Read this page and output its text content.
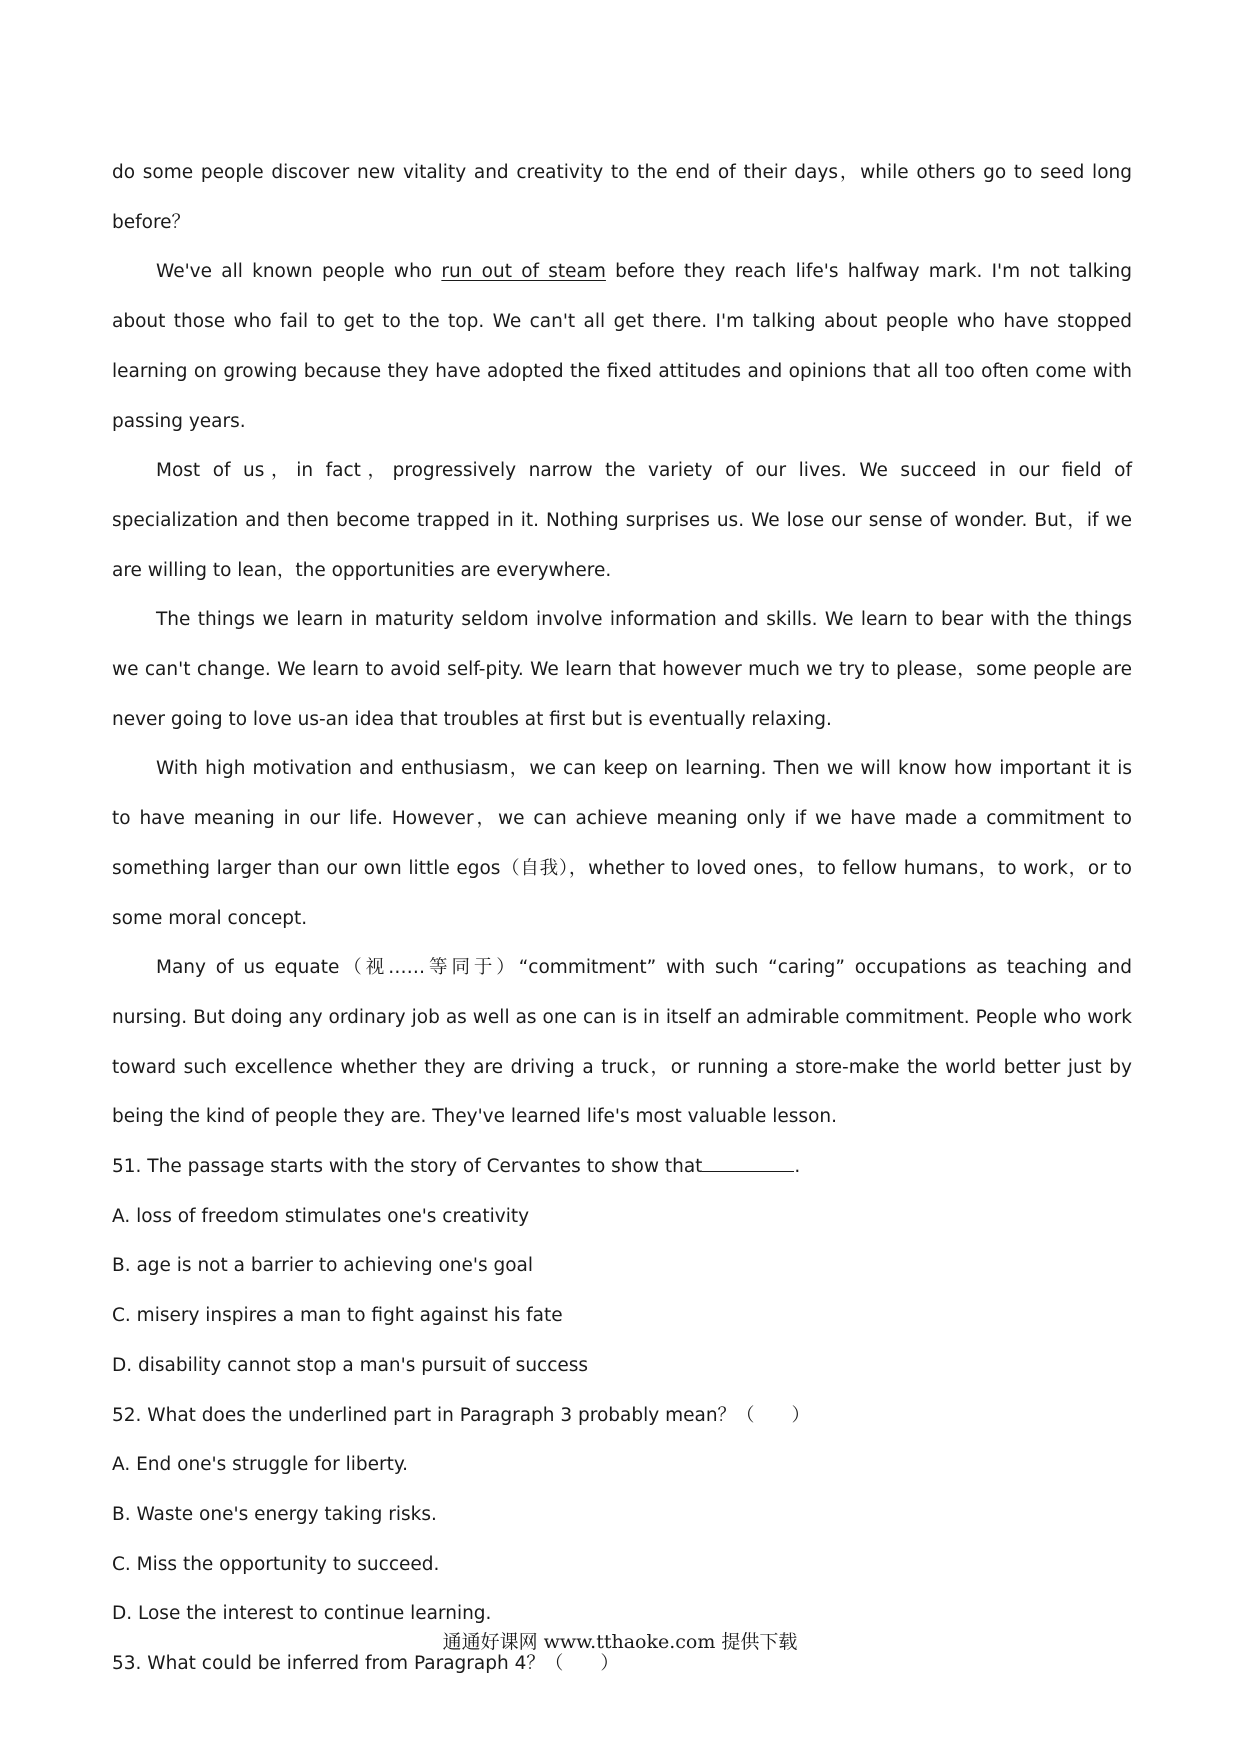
do some people discover new vitality and creativity to the end of their days，while others go to seed long before？

We've all known people who run out of steam before they reach life's halfway mark. I'm not talking about those who fail to get to the top. We can't all get there. I'm talking about people who have stopped learning on growing because they have adopted the fixed attitudes and opinions that all too often come with passing years.

Most of us，in fact，progressively narrow the variety of our lives. We succeed in our field of specialization and then become trapped in it. Nothing surprises us. We lose our sense of wonder. But，if we are willing to lean，the opportunities are everywhere.

The things we learn in maturity seldom involve information and skills. We learn to bear with the things we can't change. We learn to avoid self-pity. We learn that however much we try to please，some people are never going to love us-an idea that troubles at first but is eventually relaxing.

With high motivation and enthusiasm，we can keep on learning. Then we will know how important it is to have meaning in our life. However，we can achieve meaning only if we have made a commitment to something larger than our own little egos（自我），whether to loved ones，to fellow humans，to work，or to some moral concept.

Many of us equate（视……等同于）“commitment” with such “caring” occupations as teaching and nursing. But doing any ordinary job as well as one can is in itself an admirable commitment. People who work toward such excellence whether they are driving a truck，or running a store-make the world better just by being the kind of people they are. They've learned life's most valuable lesson.

51. The passage starts with the story of Cervantes to show that	.

A. loss of freedom stimulates one's creativity

B. age is not a barrier to achieving one's goal

C. misery inspires a man to fight against his fate

D. disability cannot stop a man's pursuit of success

52. What does the underlined part in Paragraph 3 probably mean？（　　）

A. End one's struggle for liberty.

B. Waste one's energy taking risks.

C. Miss the opportunity to succeed.

D. Lose the interest to continue learning.

53. What could be inferred from Paragraph 4？（　　）

通通好课网 www.tthaoke.com 提供下载
